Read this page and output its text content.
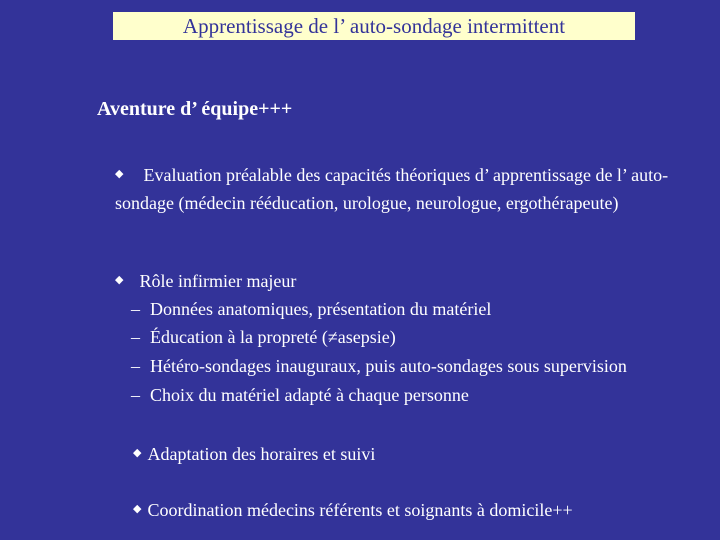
Apprentissage de l’ auto-sondage intermittent
Aventure d’ équipe+++
◆ Evaluation préalable des capacités théoriques d’ apprentissage de l’ auto-sondage (médecin rééducation, urologue, neurologue, ergothérapeute)
◆ Rôle infirmier majeur
– Données anatomiques, présentation du matériel
– Éducation à la propreté (≠asepsie)
– Hétéro-sondages inauguraux, puis auto-sondages sous supervision
– Choix du matériel adapté à chaque personne
◆ Adaptation des horaires et suivi
◆ Coordination médecins référents et soignants à domicile++
